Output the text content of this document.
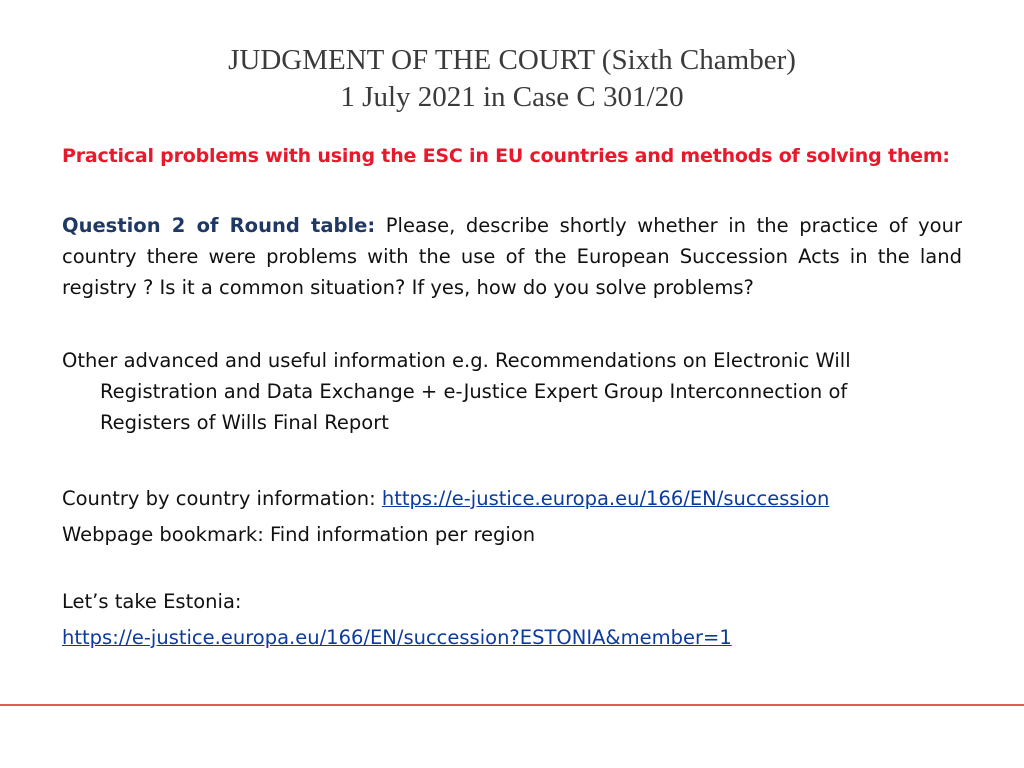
JUDGMENT OF THE COURT (Sixth Chamber)
1 July 2021 in Case C 301/20
Practical problems with using the ESC in EU countries and methods of solving them:
Question 2 of Round table: Please, describe shortly whether in the practice of your country there were problems with the use of the European Succession Acts in the land registry ? Is it a common situation? If yes, how do you solve problems?
Other advanced and useful information e.g. Recommendations on Electronic Will
Registration and Data Exchange + e-Justice Expert Group Interconnection of
Registers of Wills Final Report
Country by country information: https://e-justice.europa.eu/166/EN/succession
Webpage bookmark: Find information per region
Let’s take Estonia:
https://e-justice.europa.eu/166/EN/succession?ESTONIA&member=1
